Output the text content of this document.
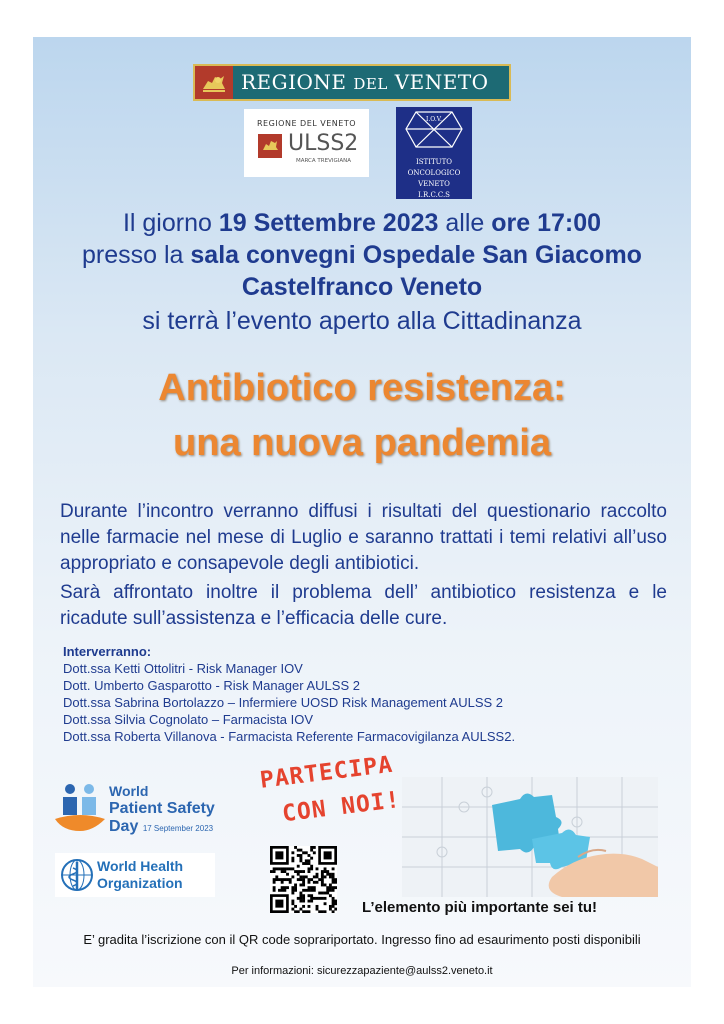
REGIONE DEL VENETO
REGIONE DEL VENETO
ULSS2
MARCA TREVIGIANA
I.O.V.
ISTITUTO
ONCOLOGICO
VENETO
I.R.C.C.S
Il giorno 19 Settembre 2023 alle ore 17:00
presso la sala convegni Ospedale San Giacomo
Castelfranco Veneto
si terrà l’evento aperto alla Cittadinanza
Antibiotico resistenza:
una nuova pandemia
Durante l’incontro verranno diffusi i risultati del questionario raccolto nelle farmacie nel mese di Luglio e saranno trattati i temi relativi all’uso appropriato e consapevole degli antibiotici.
Sarà affrontato inoltre il problema dell’ antibiotico resistenza e le ricadute sull’assistenza e l’efficacia delle cure.
Interverranno:
Dott.ssa Ketti Ottolitri - Risk Manager IOV
Dott. Umberto Gasparotto - Risk Manager AULSS 2
Dott.ssa Sabrina Bortolazzo – Infermiere UOSD Risk Management AULSS 2
Dott.ssa Silvia Cognolato – Farmacista IOV
Dott.ssa Roberta Villanova - Farmacista Referente Farmacovigilanza AULSS2.
World
Patient Safety
Day 17 September 2023
World Health
Organization
PARTECIPA
CON NOI!
L’elemento più importante sei tu!
E’ gradita l’iscrizione con il QR code soprariportato. Ingresso fino ad esaurimento posti disponibili
Per informazioni: sicurezzapaziente@aulss2.veneto.it
